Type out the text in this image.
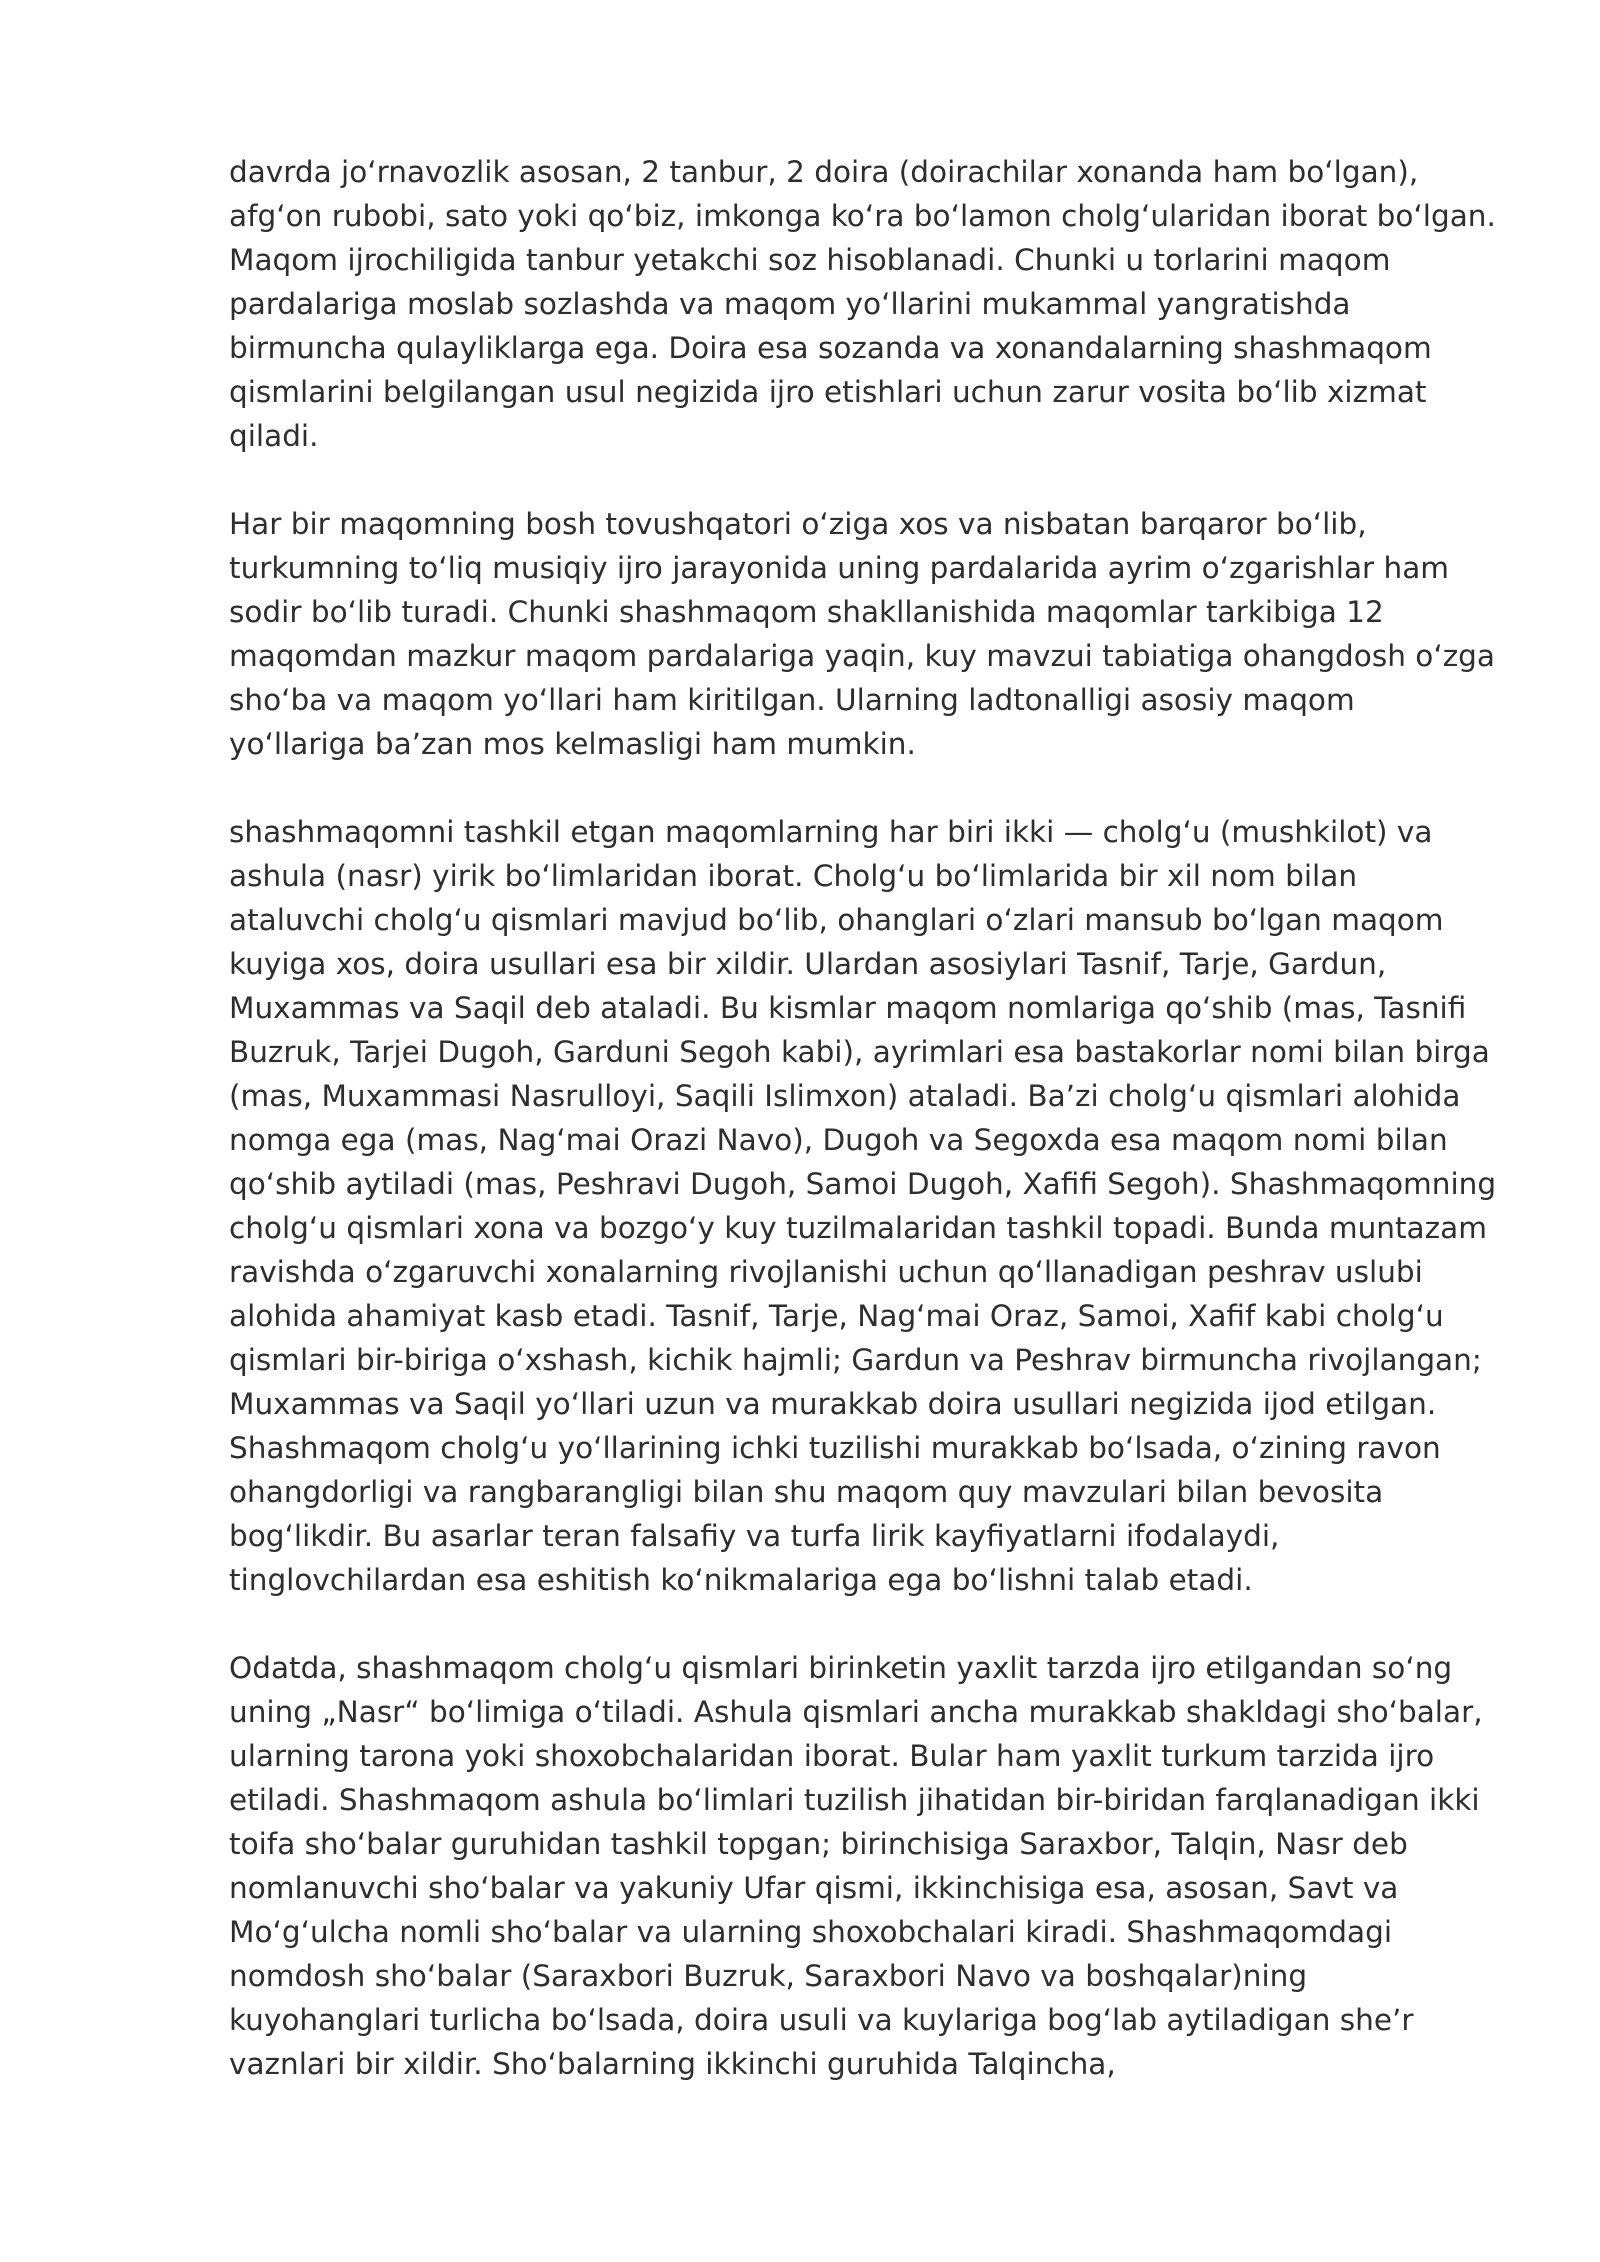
davrda jo‘rnavozlik asosan, 2 tanbur, 2 doira (doirachilar xonanda ham bo‘lgan), afg‘on rubobi, sato yoki qo‘biz, imkonga ko‘ra bo‘lamon cholg‘ularidan iborat bo‘lgan. Maqom ijrochiligida tanbur yetakchi soz hisoblanadi. Chunki u torlarini maqom pardalariga moslab sozlashda va maqom yo‘llarini mukammal yangratishda birmuncha qulayliklarga ega. Doira esa sozanda va xonandalarning shashmaqom qismlarini belgilangan usul negizida ijro etishlari uchun zarur vosita bo‘lib xizmat qiladi.

Har bir maqomning bosh tovushqatori o‘ziga xos va nisbatan barqaror bo‘lib, turkumning to‘liq musiqiy ijro jarayonida uning pardalarida ayrim o‘zgarishlar ham sodir bo‘lib turadi. Chunki shashmaqom shakllanishida maqomlar tarkibiga 12 maqomdan mazkur maqom pardalariga yaqin, kuy mavzui tabiatiga ohangdosh o‘zga sho‘ba va maqom yo‘llari ham kiritilgan. Ularning ladtonalligi asosiy maqom yo‘llariga ba’zan mos kelmasligi ham mumkin.

shashmaqomni tashkil etgan maqomlarning har biri ikki — cholg‘u (mushkilot) va ashula (nasr) yirik bo‘limlaridan iborat. Cholg‘u bo‘limlarida bir xil nom bilan ataluvchi cholg‘u qismlari mavjud bo‘lib, ohanglari o‘zlari mansub bo‘lgan maqom kuyiga xos, doira usullari esa bir xildir. Ulardan asosiylari Tasnif, Tarje, Gardun, Muxammas va Saqil deb ataladi. Bu kismlar maqom nomlariga qo‘shib (mas, Tasnifi Buzruk, Tarjei Dugoh, Garduni Segoh kabi), ayrimlari esa bastakorlar nomi bilan birga (mas, Muxammasi Nasrulloyi, Saqili Islimxon) ataladi. Ba’zi cholg‘u qismlari alohida nomga ega (mas, Nag‘mai Orazi Navo), Dugoh va Segoxda esa maqom nomi bilan qo‘shib aytiladi (mas, Peshravi Dugoh, Samoi Dugoh, Xafifi Segoh). Shashmaqomning cholg‘u qismlari xona va bozgo‘y kuy tuzilmalaridan tashkil topadi. Bunda muntazam ravishda o‘zgaruvchi xonalarning rivojlanishi uchun qo‘llanadigan peshrav uslubi alohida ahamiyat kasb etadi. Tasnif, Tarje, Nag‘mai Oraz, Samoi, Xafif kabi cholg‘u qismlari bir-biriga o‘xshash, kichik hajmli; Gardun va Peshrav birmuncha rivojlangan; Muxammas va Saqil yo‘llari uzun va murakkab doira usullari negizida ijod etilgan. Shashmaqom cholg‘u yo‘llarining ichki tuzilishi murakkab bo‘lsada, o‘zining ravon ohangdorligi va rangbarangligi bilan shu maqom quy mavzulari bilan bevosita bog‘likdir. Bu asarlar teran falsafiy va turfa lirik kayfiyatlarni ifodalaydi, tinglovchilardan esa eshitish ko‘nikmalariga ega bo‘lishni talab etadi.

Odatda, shashmaqom cholg‘u qismlari birinketin yaxlit tarzda ijro etilgandan so‘ng uning „Nasr“ bo‘limiga o‘tiladi. Ashula qismlari ancha murakkab shakldagi sho‘balar, ularning tarona yoki shoxobchalaridan iborat. Bular ham yaxlit turkum tarzida ijro etiladi. Shashmaqom ashula bo‘limlari tuzilish jihatidan bir-biridan farqlanadigan ikki toifa sho‘balar guruhidan tashkil topgan; birinchisiga Saraxbor, Talqin, Nasr deb nomlanuvchi sho‘balar va yakuniy Ufar qismi, ikkinchisiga esa, asosan, Savt va Mo‘g‘ulcha nomli sho‘balar va ularning shoxobchalari kiradi. Shashmaqomdagi nomdosh sho‘balar (Saraxbori Buzruk, Saraxbori Navo va boshqalar)ning kuyohanglari turlicha bo‘lsada, doira usuli va kuylariga bog‘lab aytiladigan she’r vaznlari bir xildir. Sho‘balarning ikkinchi guruhida Talqincha,
